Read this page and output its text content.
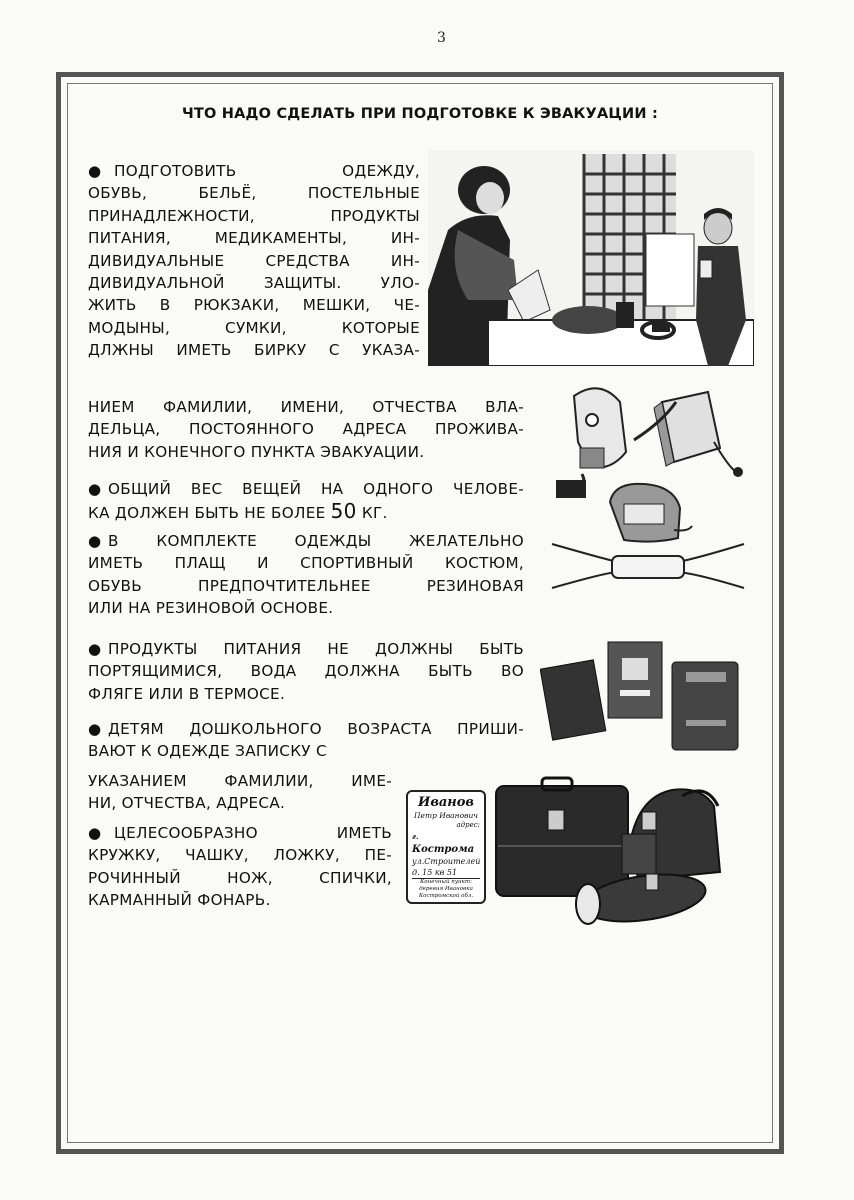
3
ЧТО НАДО СДЕЛАТЬ ПРИ ПОДГОТОВКЕ К ЭВАКУАЦИИ :
● ПОДГОТОВИТЬ ОДЕЖДУ,
ОБУВЬ, БЕЛЬЁ, ПОСТЕЛЬНЫЕ
ПРИНАДЛЕЖНОСТИ, ПРОДУКТЫ
ПИТАНИЯ, МЕДИКАМЕНТЫ, ИН-
ДИВИДУАЛЬНЫЕ СРЕДСТВА ИН-
ДИВИДУАЛЬНОЙ ЗАЩИТЫ. УЛО-
ЖИТЬ В РЮКЗАКИ, МЕШКИ, ЧЕ-
МОДЫНЫ, СУМКИ, КОТОРЫЕ
ДЛЖНЫ ИМЕТЬ БИРКУ С УКАЗА-
НИЕМ ФАМИЛИИ, ИМЕНИ, ОТЧЕСТВА ВЛА-
ДЕЛЬЦА, ПОСТОЯННОГО АДРЕСА ПРОЖИВА-
НИЯ И КОНЕЧНОГО ПУНКТА ЭВАКУАЦИИ.
● ОБЩИЙ ВЕС ВЕЩЕЙ НА ОДНОГО ЧЕЛОВЕ-
КА ДОЛЖЕН БЫТЬ НЕ БОЛЕЕ 50 КГ.
● В КОМПЛЕКТЕ ОДЕЖДЫ ЖЕЛАТЕЛЬНО
ИМЕТЬ ПЛАЩ И СПОРТИВНЫЙ КОСТЮМ,
ОБУВЬ ПРЕДПОЧТИТЕЛЬНЕЕ РЕЗИНОВАЯ
ИЛИ НА РЕЗИНОВОЙ ОСНОВЕ.
● ПРОДУКТЫ ПИТАНИЯ НЕ ДОЛЖНЫ БЫТЬ
ПОРТЯЩИМИСЯ, ВОДА ДОЛЖНА БЫТЬ ВО
ФЛЯГЕ ИЛИ В ТЕРМОСЕ.
● ДЕТЯМ ДОШКОЛЬНОГО ВОЗРАСТА ПРИШИ-
ВАЮТ К ОДЕЖДЕ ЗАПИСКУ С
УКАЗАНИЕМ ФАМИЛИИ, ИМЕ-
НИ, ОТЧЕСТВА, АДРЕСА.
● ЦЕЛЕСООБРАЗНО ИМЕТЬ
КРУЖКУ, ЧАШКУ, ЛОЖКУ, ПЕ-
РОЧИННЫЙ НОЖ, СПИЧКИ,
КАРМАННЫЙ ФОНАРЬ.
Иванов
Петр Иванович
адрес:
г. Кострома
ул.Строителей
д. 15 кв 51
Конечный пункт:
деревня Ивановка
Костромской обл.
